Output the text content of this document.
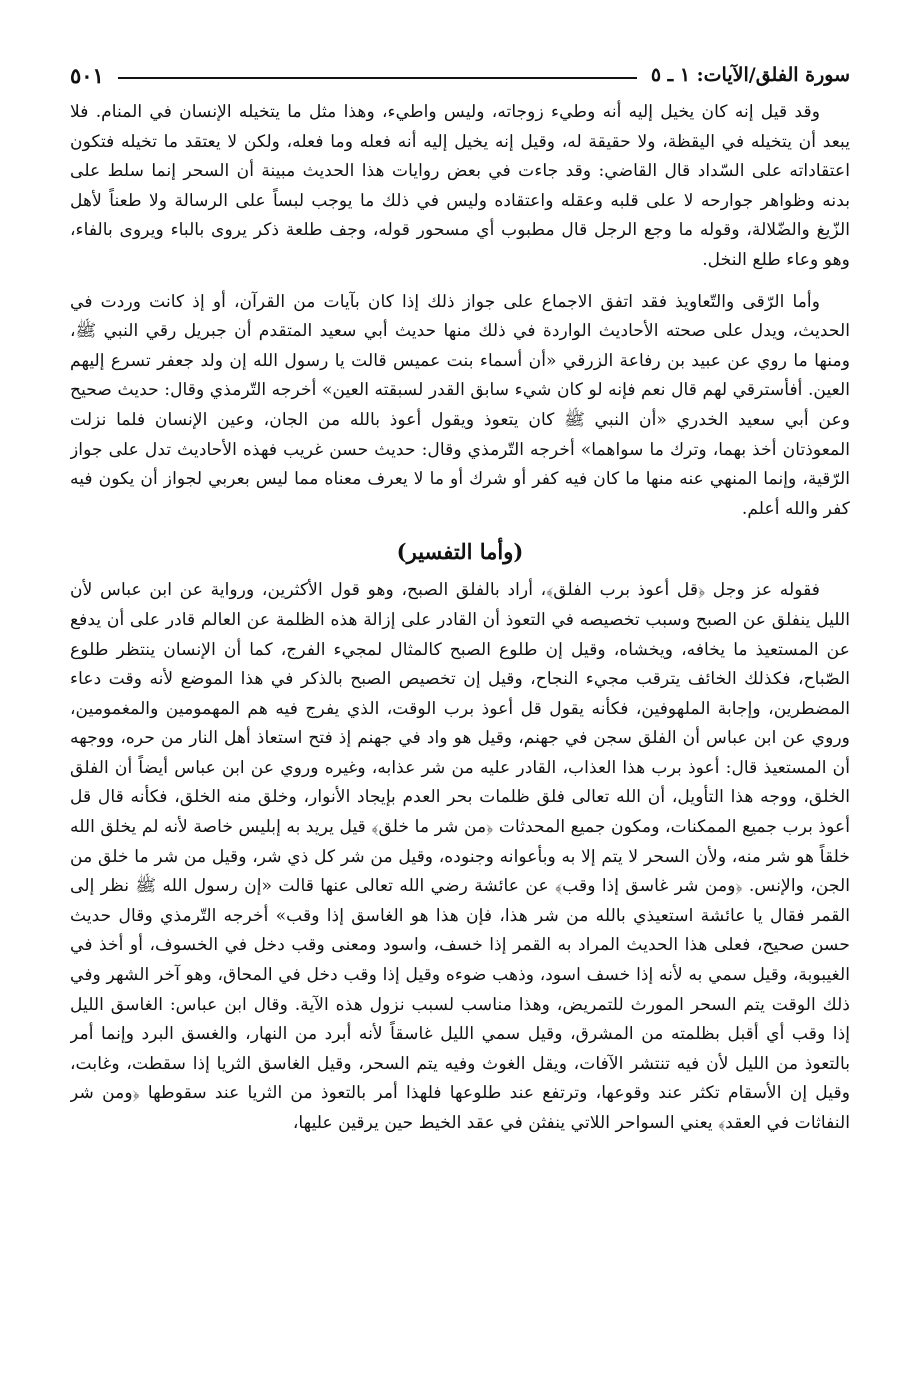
سورة الفلق/الآيات: ١ ـ ٥
٥٠١

وقد قيل إنه كان يخيل إليه أنه وطيء زوجاته، وليس واطيء، وهذا مثل ما يتخيله الإنسان في المنام. فلا يبعد أن يتخيله في اليقظة، ولا حقيقة له، وقيل إنه يخيل إليه أنه فعله وما فعله، ولكن لا يعتقد ما تخيله فتكون اعتقاداته على السّداد قال القاضي: وقد جاءت في بعض روايات هذا الحديث مبينة أن السحر إنما سلط على بدنه وظواهر جوارحه لا على قلبه وعقله واعتقاده وليس في ذلك ما يوجب لبساً على الرسالة ولا طعناً لأهل الزّيغ والضّلالة، وقوله ما وجع الرجل قال مطبوب أي مسحور قوله، وجف طلعة ذكر يروى بالباء ويروى بالفاء، وهو وعاء طلع النخل.

وأما الرّقى والتّعاويذ فقد اتفق الاجماع على جواز ذلك إذا كان بآيات من القرآن، أو إذ كانت وردت في الحديث، ويدل على صحته الأحاديث الواردة في ذلك منها حديث أبي سعيد المتقدم أن جبريل رقي النبي ﷺ، ومنها ما روي عن عبيد بن رفاعة الزرقي «أن أسماء بنت عميس قالت يا رسول الله إن ولد جعفر تسرع إليهم العين. أفأسترقي لهم قال نعم فإنه لو كان شيء سابق القدر لسبقته العين» أخرجه التّرمذي وقال: حديث صحيح وعن أبي سعيد الخدري «أن النبي ﷺ كان يتعوذ ويقول أعوذ بالله من الجان، وعين الإنسان فلما نزلت المعوذتان أخذ بهما، وترك ما سواهما» أخرجه التّرمذي وقال: حديث حسن غريب فهذه الأحاديث تدل على جواز الرّقية، وإنما المنهي عنه منها ما كان فيه كفر أو شرك أو ما لا يعرف معناه مما ليس بعربي لجواز أن يكون فيه كفر والله أعلم.

(وأما التفسير)

فقوله عز وجل ﴿قل أعوذ برب الفلق﴾، أراد بالفلق الصبح، وهو قول الأكثرين، ورواية عن ابن عباس لأن الليل ينفلق عن الصبح وسبب تخصيصه في التعوذ أن القادر على إزالة هذه الظلمة عن العالم قادر على أن يدفع عن المستعيذ ما يخافه، ويخشاه، وقيل إن طلوع الصبح كالمثال لمجيء الفرج، كما أن الإنسان ينتظر طلوع الصّباح، فكذلك الخائف يترقب مجيء النجاح، وقيل إن تخصيص الصبح بالذكر في هذا الموضع لأنه وقت دعاء المضطرين، وإجابة الملهوفين، فكأنه يقول قل أعوذ برب الوقت، الذي يفرج فيه هم المهمومين والمغمومين، وروي عن ابن عباس أن الفلق سجن في جهنم، وقيل هو واد في جهنم إذ فتح استعاذ أهل النار من حره، ووجهه أن المستعيذ قال: أعوذ برب هذا العذاب، القادر عليه من شر عذابه، وغيره وروي عن ابن عباس أيضاً أن الفلق الخلق، ووجه هذا التأويل، أن الله تعالى فلق ظلمات بحر العدم بإيجاد الأنوار، وخلق منه الخلق، فكأنه قال قل أعوذ برب جميع الممكنات، ومكون جميع المحدثات ﴿من شر ما خلق﴾ قيل يريد به إبليس خاصة لأنه لم يخلق الله خلقاً هو شر منه، ولأن السحر لا يتم إلا به وبأعوانه وجنوده، وقيل من شر كل ذي شر، وقيل من شر ما خلق من الجن، والإنس. ﴿ومن شر غاسق إذا وقب﴾ عن عائشة رضي الله تعالى عنها قالت «إن رسول الله ﷺ نظر إلى القمر فقال يا عائشة استعيذي بالله من شر هذا، فإن هذا هو الغاسق إذا وقب» أخرجه التّرمذي وقال حديث حسن صحيح، فعلى هذا الحديث المراد به القمر إذا خسف، واسود ومعنى وقب دخل في الخسوف، أو أخذ في الغيبوبة، وقيل سمي به لأنه إذا خسف اسود، وذهب ضوءه وقيل إذا وقب دخل في المحاق، وهو آخر الشهر وفي ذلك الوقت يتم السحر المورث للتمريض، وهذا مناسب لسبب نزول هذه الآية. وقال ابن عباس: الغاسق الليل إذا وقب أي أقبل بظلمته من المشرق، وقيل سمي الليل غاسقاً لأنه أبرد من النهار، والغسق البرد وإنما أمر بالتعوذ من الليل لأن فيه تنتشر الآفات، ويقل الغوث وفيه يتم السحر، وقيل الغاسق الثريا إذا سقطت، وغابت، وقيل إن الأسقام تكثر عند وقوعها، وترتفع عند طلوعها فلهذا أمر بالتعوذ من الثريا عند سقوطها ﴿ومن شر النفاثات في العقد﴾ يعني السواحر اللاتي ينفثن في عقد الخيط حين يرقين عليها،
